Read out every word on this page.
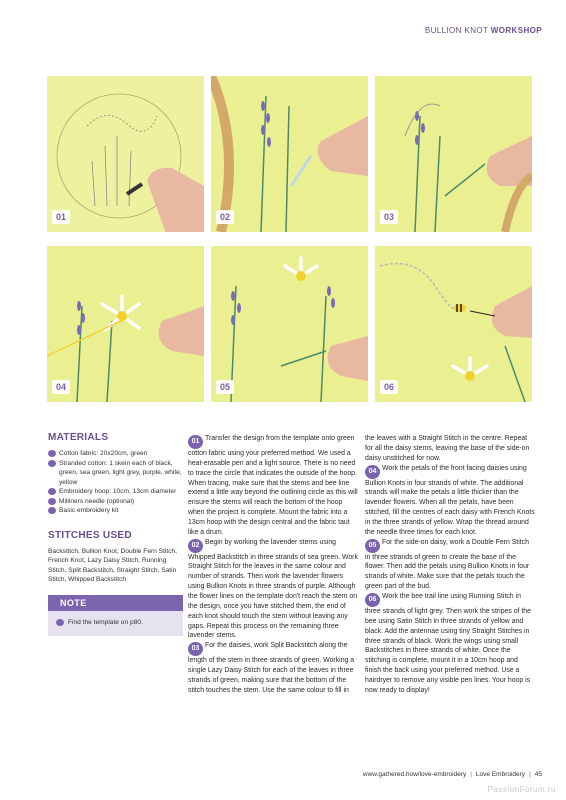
BULLION KNOT WORKSHOP
01	02	03
04	05	06
MATERIALS
Cotton fabric: 20x20cm, green
Stranded cotton: 1 skein each of black, green, sea green, light grey, purple, white, yellow
Embroidery hoop: 10cm, 13cm diameter
Milliners needle (optional)
Basic embroidery kit
STITCHES USED
Backstitch, Bullion Knot, Double Fern Stitch, French Knot, Lazy Daisy Stitch, Running Stitch, Split Backstitch, Straight Stitch, Satin Stitch, Whipped Backstitch
NOTE
Find the template on p80.

01 Transfer the design from the template onto green cotton fabric using your preferred method. We used a heat-erasable pen and a light source. There is no need to trace the circle that indicates the outside of the hoop. When tracing, make sure that the stems and bee line extend a little way beyond the outlining circle as this will ensure the stems will reach the bottom of the hoop when the project is complete. Mount the fabric into a 13cm hoop with the design central and the fabric taut like a drum.

02 Begin by working the lavender stems using Whipped Backstitch in three strands of sea green. Work Straight Stitch for the leaves in the same colour and number of strands. Then work the lavender flowers using Bullion Knots in three strands of purple. Although the flower lines on the template don't reach the stem on the design, once you have stitched them, the end of each knot should touch the stem without leaving any gaps. Repeat this process on the remaining three lavender stems.

03 For the daisies, work Split Backstitch along the length of the stem in three strands of green. Working a single Lazy Daisy Stitch for each of the leaves in three strands of green, making sure that the bottom of the stitch touches the stem. Use the same colour to fill in

the leaves with a Straight Stitch in the centre. Repeat for all the daisy stems, leaving the base of the side-on daisy unstitched for now.

04 Work the petals of the front facing daisies using Bullion Knots in four strands of white. The additional strands will make the petals a little thicker than the lavender flowers. When all the petals, have been stitched, fill the centres of each daisy with French Knots in the three strands of yellow. Wrap the thread around the needle three times for each knot.

05 For the side-on daisy, work a Double Fern Stitch in three strands of green to create the base of the flower. Then add the petals using Bullion Knots in four strands of white. Make sure that the petals touch the green part of the bud.

06 Work the bee trail line using Running Stitch in three strands of light grey. Then work the stripes of the bee using Satin Stitch in three strands of yellow and black. Add the antennae using tiny Straight Stitches in three strands of black. Work the wings using small Backstitches in three strands of white. Once the stitching is complete, mount it in a 10cm hoop and finish the back using your preferred method. Use a hairdryer to remove any visible pen lines. Your hoop is now ready to display!

www.gathered.how/love-embroidery | Love Embroidery | 45
PassionForum.ru
